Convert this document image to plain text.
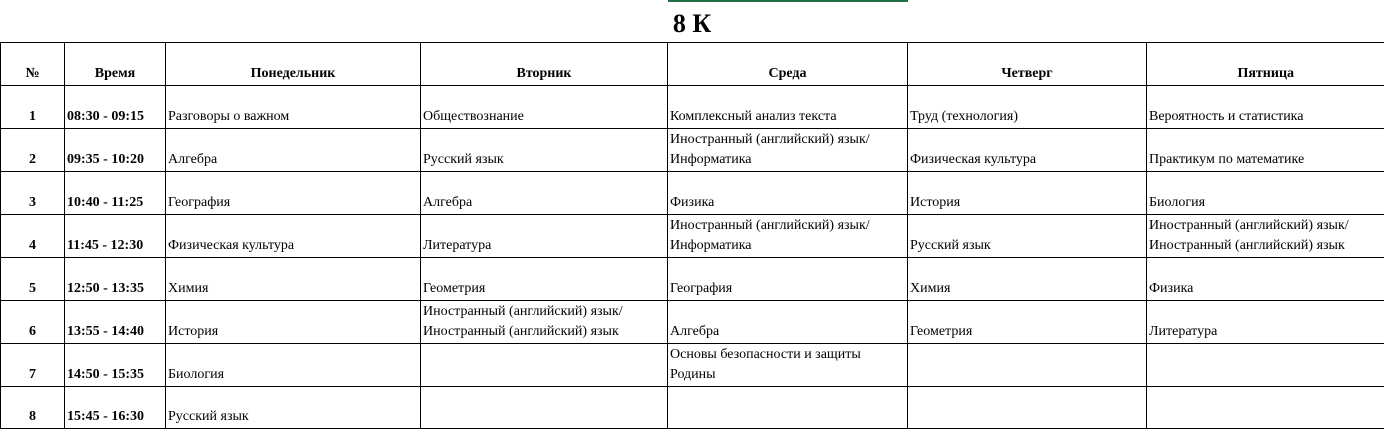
8 К
№	Время	Понедельник	Вторник	Среда	Четверг	Пятница
1	08:30 - 09:15	Разговоры о важном	Обществознание	Комплексный анализ текста	Труд (технология)	Вероятность и статистика

2	09:35 - 10:20	Алгебра	Русский язык	Иностранный (английский) язык/
Информатика	Физическая культура	Практикум по математике

3	10:40 - 11:25	География	Алгебра	Физика	История	Биология

4	11:45 - 12:30	Физическая культура	Литература	Иностранный (английский) язык/
Информатика	Русский язык	Иностранный (английский) язык/
Иностранный (английский) язык

5	12:50 - 13:35	Химия	Геометрия	География	Химия	Физика

6	13:55 - 14:40	История	Иностранный (английский) язык/
Иностранный (английский) язык	Алгебра	Геометрия	Литература

7	14:50 - 15:35	Биология		Основы безопасности и защиты
Родины		

8	15:45 - 16:30	Русский язык				
